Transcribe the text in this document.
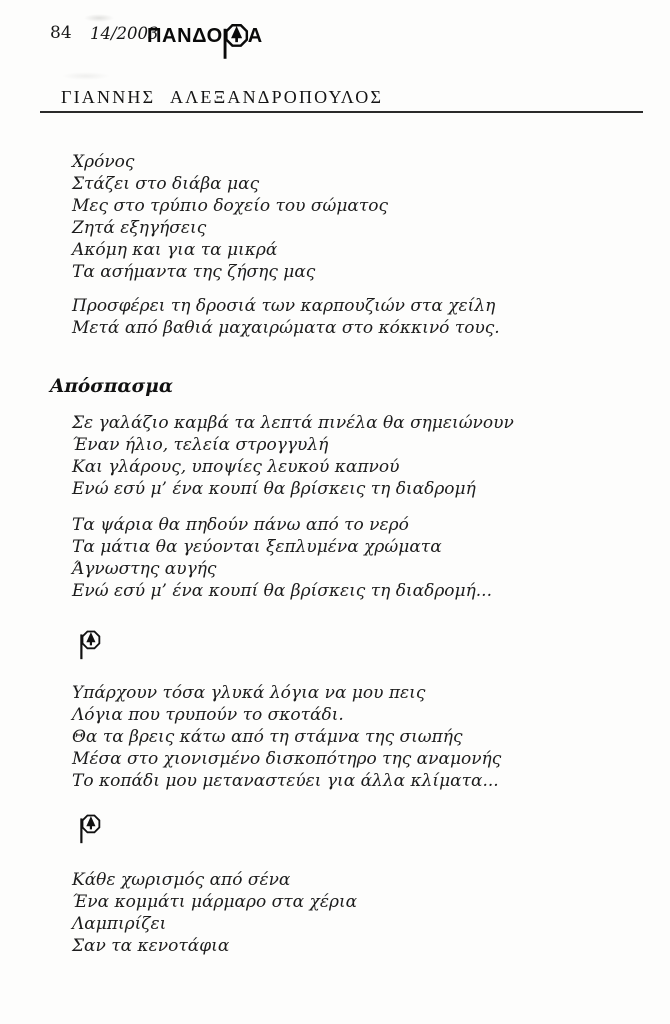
84 14/2003
ΠΑΝΔΟ Α
ΓΙΑΝΝΗΣ ΑΛΕΞΑΝΔΡΟΠΟΥΛΟΣ
Χρόνος
Στάζει στο διάβα μας
Μες στο τρύπιο δοχείο του σώματος
Ζητά εξηγήσεις
Ακόμη και για τα μικρά
Τα ασήμαντα της ζήσης μας
Προσφέρει τη δροσιά των καρπουζιών στα χείλη
Μετά από βαθιά μαχαιρώματα στο κόκκινό τους.
Απόσπασμα
Σε γαλάζιο καμβά τα λεπτά πινέλα θα σημειώνουν
Έναν ήλιο, τελεία στρογγυλή
Και γλάρους, υποψίες λευκού καπνού
Ενώ εσύ μ’ ένα κουπί θα βρίσκεις τη διαδρομή
Τα ψάρια θα πηδούν πάνω από το νερό
Τα μάτια θα γεύονται ξεπλυμένα χρώματα
Άγνωστης αυγής
Ενώ εσύ μ’ ένα κουπί θα βρίσκεις τη διαδρομή...
Υπάρχουν τόσα γλυκά λόγια να μου πεις
Λόγια που τρυπούν το σκοτάδι.
Θα τα βρεις κάτω από τη στάμνα της σιωπής
Μέσα στο χιονισμένο δισκοπότηρο της αναμονής
Το κοπάδι μου μεταναστεύει για άλλα κλίματα...
Κάθε χωρισμός από σένα
Ένα κομμάτι μάρμαρο στα χέρια
Λαμπιρίζει
Σαν τα κενοτάφια
